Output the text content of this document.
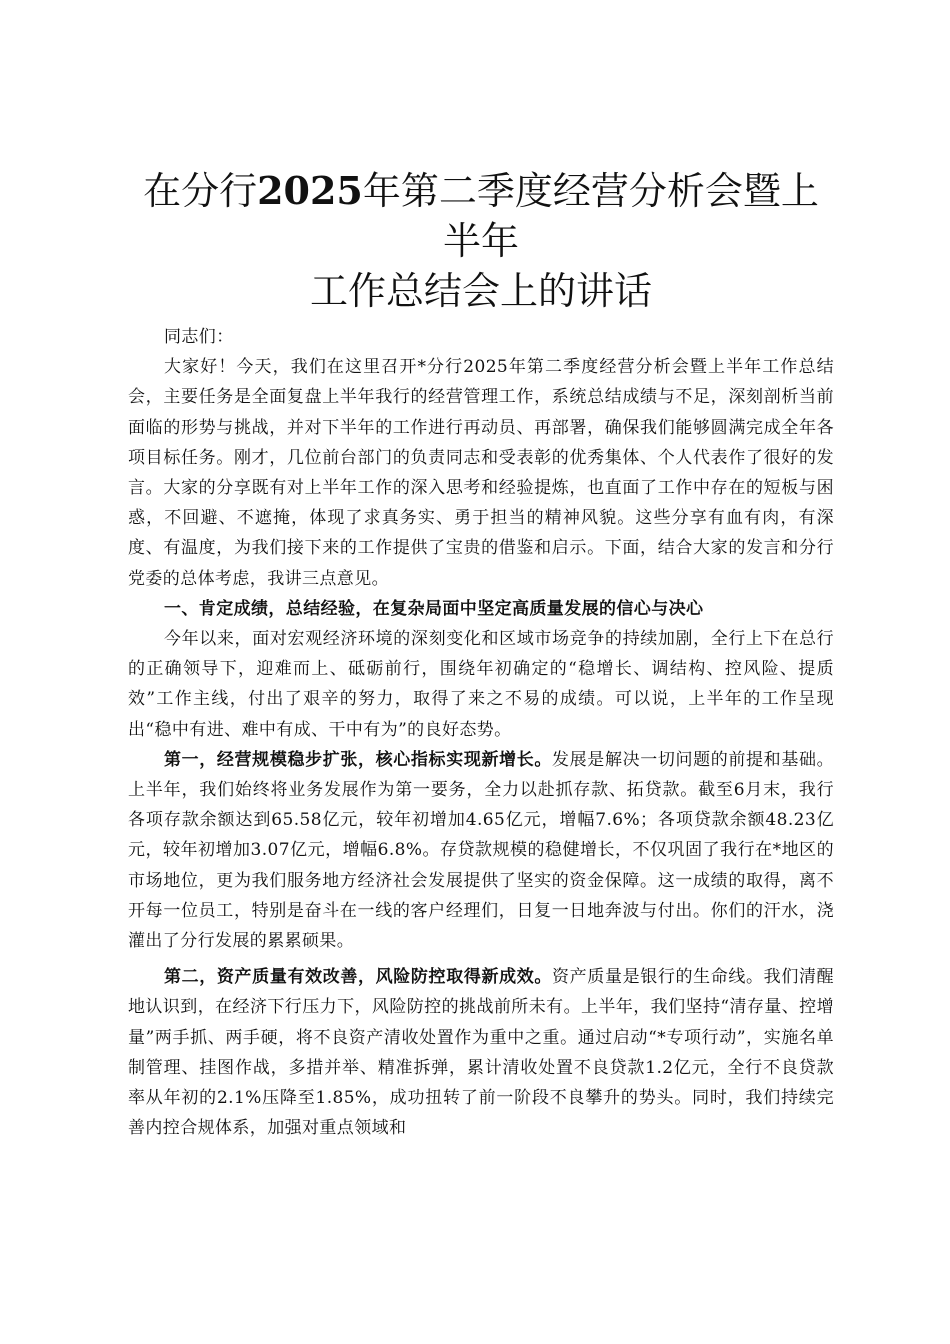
在分行2025年第二季度经营分析会暨上半年
工作总结会上的讲话

同志们：

大家好！今天，我们在这里召开*分行2025年第二季度经营分析会暨上半年工作总结会，主要任务是全面复盘上半年我行的经营管理工作，系统总结成绩与不足，深刻剖析当前面临的形势与挑战，并对下半年的工作进行再动员、再部署，确保我们能够圆满完成全年各项目标任务。刚才，几位前台部门的负责同志和受表彰的优秀集体、个人代表作了很好的发言。大家的分享既有对上半年工作的深入思考和经验提炼，也直面了工作中存在的短板与困惑，不回避、不遮掩，体现了求真务实、勇于担当的精神风貌。这些分享有血有肉，有深度、有温度，为我们接下来的工作提供了宝贵的借鉴和启示。下面，结合大家的发言和分行党委的总体考虑，我讲三点意见。

一、肯定成绩，总结经验，在复杂局面中坚定高质量发展的信心与决心

今年以来，面对宏观经济环境的深刻变化和区域市场竞争的持续加剧，全行上下在总行的正确领导下，迎难而上、砥砺前行，围绕年初确定的“稳增长、调结构、控风险、提质效”工作主线，付出了艰辛的努力，取得了来之不易的成绩。可以说，上半年的工作呈现出“稳中有进、难中有成、干中有为”的良好态势。

第一，经营规模稳步扩张，核心指标实现新增长。发展是解决一切问题的前提和基础。上半年，我们始终将业务发展作为第一要务，全力以赴抓存款、拓贷款。截至6月末，我行各项存款余额达到65.58亿元，较年初增加4.65亿元，增幅7.6%；各项贷款余额48.23亿元，较年初增加3.07亿元，增幅6.8%。存贷款规模的稳健增长，不仅巩固了我行在*地区的市场地位，更为我们服务地方经济社会发展提供了坚实的资金保障。这一成绩的取得，离不开每一位员工，特别是奋斗在一线的客户经理们，日复一日地奔波与付出。你们的汗水，浇灌出了分行发展的累累硕果。

第二，资产质量有效改善，风险防控取得新成效。资产质量是银行的生命线。我们清醒地认识到，在经济下行压力下，风险防控的挑战前所未有。上半年，我们坚持“清存量、控增量”两手抓、两手硬，将不良资产清收处置作为重中之重。通过启动“*专项行动”，实施名单制管理、挂图作战，多措并举、精准拆弹，累计清收处置不良贷款1.2亿元，全行不良贷款率从年初的2.1%压降至1.85%，成功扭转了前一阶段不良攀升的势头。同时，我们持续完善内控合规体系，加强对重点领域和
